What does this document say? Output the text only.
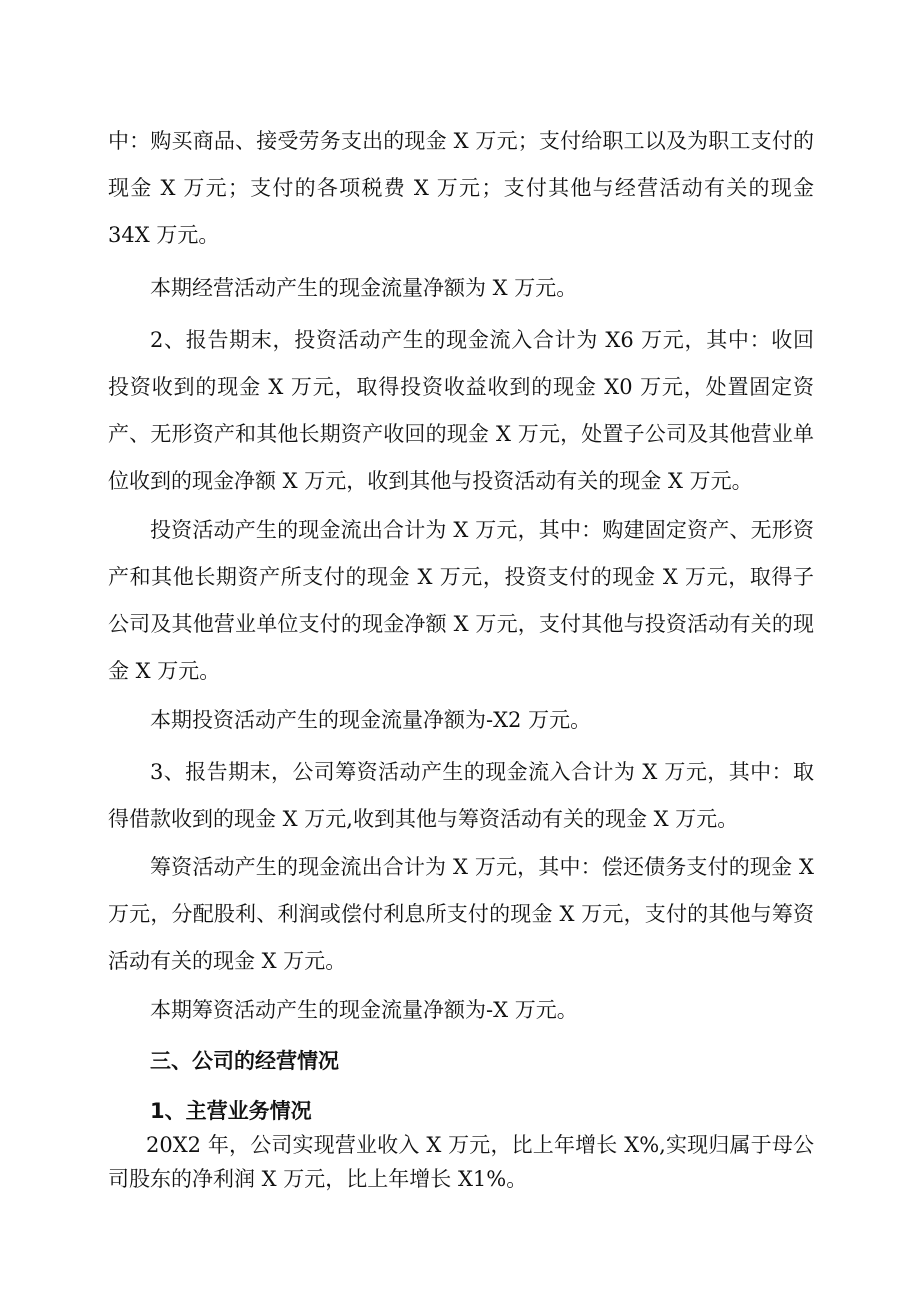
中：购买商品、接受劳务支出的现金 X 万元；支付给职工以及为职工支付的现金 X 万元；支付的各项税费 X 万元；支付其他与经营活动有关的现金 34X 万元。

本期经营活动产生的现金流量净额为 X 万元。

2、报告期末，投资活动产生的现金流入合计为 X6 万元，其中：收回投资收到的现金 X 万元，取得投资收益收到的现金 X0 万元，处置固定资产、无形资产和其他长期资产收回的现金 X 万元，处置子公司及其他营业单位收到的现金净额 X 万元，收到其他与投资活动有关的现金 X 万元。

投资活动产生的现金流出合计为 X 万元，其中：购建固定资产、无形资产和其他长期资产所支付的现金 X 万元，投资支付的现金 X 万元，取得子公司及其他营业单位支付的现金净额 X 万元，支付其他与投资活动有关的现金 X 万元。

本期投资活动产生的现金流量净额为-X2 万元。

3、报告期末，公司筹资活动产生的现金流入合计为 X 万元，其中：取得借款收到的现金 X 万元,收到其他与筹资活动有关的现金 X 万元。

筹资活动产生的现金流出合计为 X 万元，其中：偿还债务支付的现金 X 万元，分配股利、利润或偿付利息所支付的现金 X 万元，支付的其他与筹资活动有关的现金 X 万元。

本期筹资活动产生的现金流量净额为-X 万元。

三、公司的经营情况
1、主营业务情况

20X2 年，公司实现营业收入 X 万元，比上年增长 X%,实现归属于母公司股东的净利润 X 万元，比上年增长 X1%。
